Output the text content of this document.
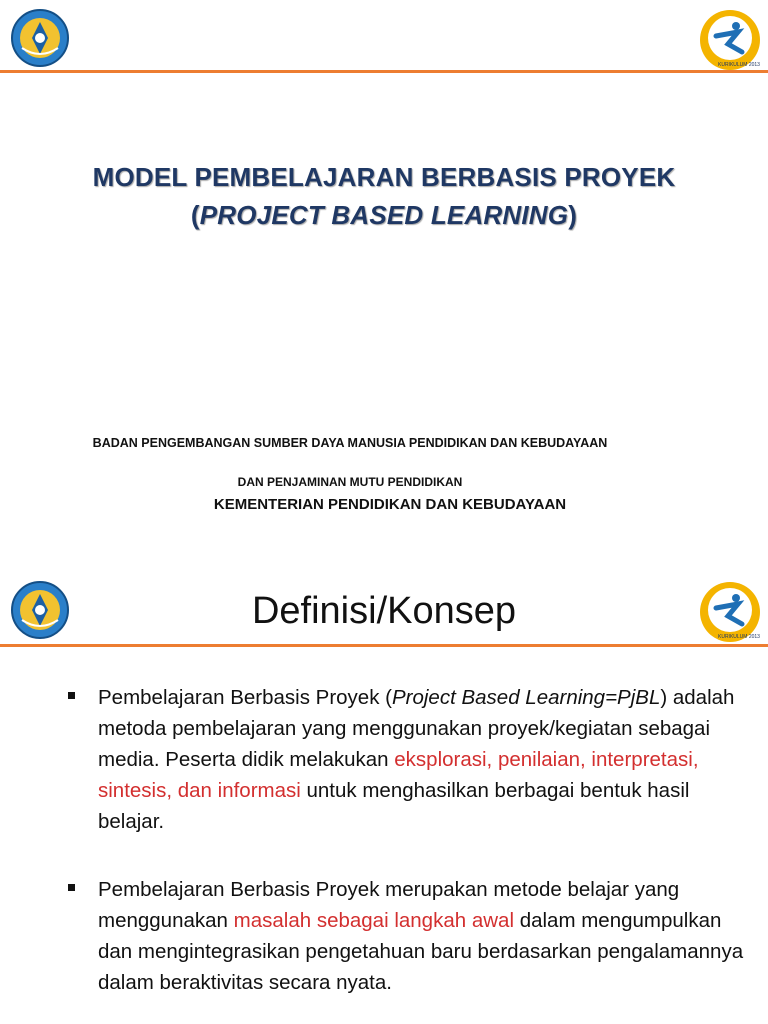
KURIKULUM 2013
MODEL PEMBELAJARAN BERBASIS PROYEK
(PROJECT BASED LEARNING)
BADAN PENGEMBANGAN SUMBER DAYA MANUSIA PENDIDIKAN DAN KEBUDAYAAN
DAN PENJAMINAN MUTU PENDIDIKAN
KEMENTERIAN PENDIDIKAN DAN KEBUDAYAAN
KURIKULUM 2013
Definisi/Konsep
Pembelajaran Berbasis Proyek (Project Based Learning=PjBL) adalah metoda pembelajaran yang menggunakan proyek/kegiatan sebagai media. Peserta didik melakukan eksplorasi, penilaian, interpretasi, sintesis, dan informasi untuk menghasilkan berbagai bentuk hasil belajar.
Pembelajaran Berbasis Proyek merupakan metode belajar yang menggunakan masalah sebagai langkah awal dalam mengumpulkan dan mengintegrasikan pengetahuan baru berdasarkan pengalamannya dalam beraktivitas secara nyata.
